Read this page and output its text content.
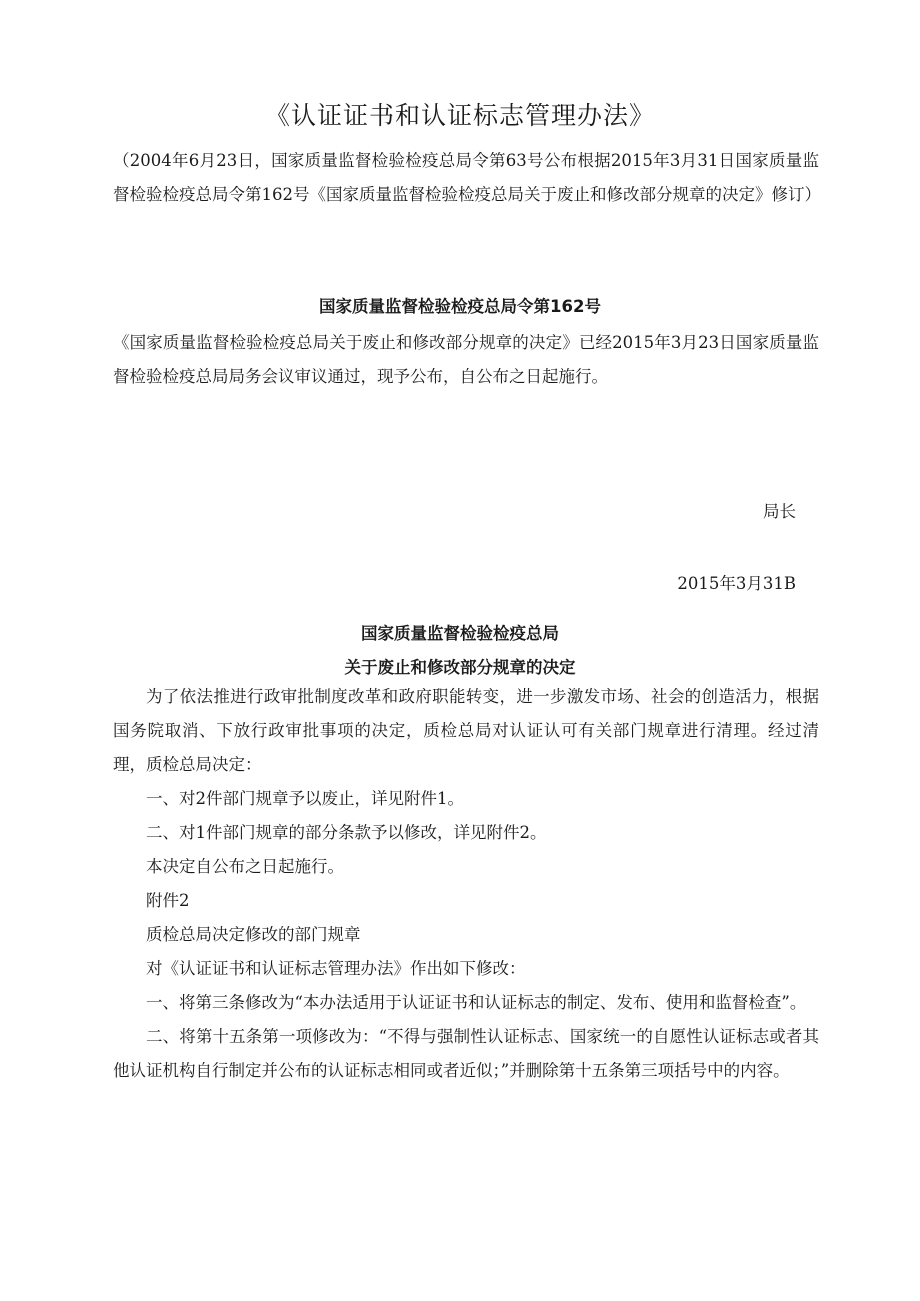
《认证证书和认证标志管理办法》
（2004年6月23日，国家质量监督检验检疫总局令第63号公布根据2015年3月31日国家质量监督检验检疫总局令第162号《国家质量监督检验检疫总局关于废止和修改部分规章的决定》修订）
国家质量监督检验检疫总局令第162号
《国家质量监督检验检疫总局关于废止和修改部分规章的决定》已经2015年3月23日国家质量监督检验检疫总局局务会议审议通过，现予公布，自公布之日起施行。
局长
2015年3月31B
国家质量监督检验检疫总局
关于废止和修改部分规章的决定

为了依法推进行政审批制度改革和政府职能转变，进一步激发市场、社会的创造活力，根据国务院取消、下放行政审批事项的决定，质检总局对认证认可有关部门规章进行清理。经过清理，质检总局决定：

一、对2件部门规章予以废止，详见附件1。

二、对1件部门规章的部分条款予以修改，详见附件2。

本决定自公布之日起施行。

附件2

质检总局决定修改的部门规章

对《认证证书和认证标志管理办法》作出如下修改：

一、将第三条修改为“本办法适用于认证证书和认证标志的制定、发布、使用和监督检查”。

二、将第十五条第一项修改为：“不得与强制性认证标志、国家统一的自愿性认证标志或者其他认证机构自行制定并公布的认证标志相同或者近似；”并删除第十五条第三项括号中的内容。
